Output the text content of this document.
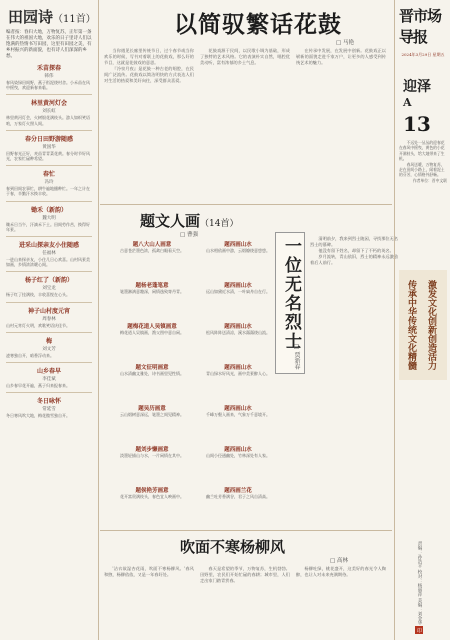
田园诗（11首）
编者按：春归大地，万物复苏，正年第一条在伟大的祖国大地，欢乐的日子里诗人们以饱满的热情书写田园，这里有田园之美，有乡村振兴的新面貌，也有诗人们深深的乡愁。
禾苗探春
韩伟
春风染绿田间野，燕子衔泥绕村舍。小禾苗在风中摇曳，欢迎新春来临。
林里黄河灯会
刘长虹
林里黄河灯会，火树银花满枝头。游人如织笑语喧，万家灯火照人间。
春分日田野游随感
黄国华
田野春光正好，麦苗青青菜花黄。春分时节好风光，农家忙碌种希望。
春忙
冯玲
春到田间农事忙，耕牛遍地播种忙。一年之计在于春，辛勤汗水换丰收。
锄禾（新韵）
魏大明
锄禾日当午，汗滴禾下土。田间劳作苦，换得好年景。
进采山探亲友小住随感
任福林
一进山来探亲友，小住几日心欢喜。山村风景美如画，乡情浓浓暖心间。
杨子红了（新韵）
刘宝龙
杨子红了挂满枝，丰收喜悦在心头。
神子山村度元宵
周春林
山村元宵灯火明，欢歌笑语庆佳节。
梅
刘文芳
凌寒独自开，暗香浮动来。
山乡春早
李佳斌
山乡春早花开遍，燕子归来报春来。
冬日咏怀
常延雪
冬日寒风吹大地，梅花傲雪独自开。
以简驭繁话花鼓
□ 马艳

当你遇见长廊里传统节日，过个春节或当你欢乐的时候，写书对着联上的花鼓戏，那么好的节目，这就是花鼓戏的意思。

『冷泉月夜』是花鼓一种古老的唱腔，在民间广泛流传。花鼓戏以简洁明快的方式表达人们对生活的热爱和美好向往，深受群众喜爱。

花鼓戏源于民间，以民歌小调为基础，形成了独特的艺术风格。它的表演朴实自然，唱腔优美动听，富有浓郁的乡土气息。

在传承中发展，在发展中创新。花鼓戏正以崭新的面貌走进千家万户，让更多的人感受到传统艺术的魅力。

题文人画（14首）
□ 曹强
题八大山人画意
古意苍茫墨色浓，孤禽白眼看天空。
题西画山水
山水相依画中游，云烟缭绕意悠悠。
题杨老蓬笔意
笔墨淋漓意趣深，闲情逸致寄丹青。
题西画山水
远山如黛近水清，一叶扁舟自在行。
题梅花道人吴镇画意
梅花道人吴镇画，渔父图中意自闲。
题西画山水
松风阵阵送清凉，溪水潺潺绕山流。
题文征明画意
山水清幽文雅处，诗书画里见性情。
题西画山水
青山绿水好风光，画中美景醉人心。
题吴历画意
云山烟树意深远，笔墨之间见精神。
题西画山水
千峰万壑入画来，气象万千意境开。
题刘步懒画意
淡墨轻描山与水，一片闲情在其中。
题西画山水
山间小径通幽处，竹林深处有人家。
题侯艳芳画意
花开富贵满枝头，春色宜人映画中。
题西画兰花
幽兰吐芳香满谷，君子之风自清高。
一位无名烈士
□ 贾新春

清明前夕，我来到烈士陵园，寻找那位无名烈士的墓碑。

他没有留下姓名，却留下了不朽的英名。

岁月流转，青山依旧，烈士的精神永远激励着后人前行。

吹面不寒杨柳风
□ 高林

'沾衣欲湿杏花雨，吹面不寒杨柳风。'春风和煦，杨柳依依，又是一年春好处。

春天是希望的季节，万物复苏，生机勃勃。田野里，农民们开始忙碌的春耕；城市里，人们走出家门踏青赏春。

杨柳吐绿，桃花盛开，这美好的春光令人陶醉，也让人对未来充满期待。

晋市场导报
2024年3月29日 星期五
迎泽
A
13

不远处一丛丛的迎春花在春风中摇曳，黄色的小花开满枝头，给大地带来了生机。

春风送暖，万物复苏，走在田间小路上，闻着泥土的芬芳，心情格外舒畅。

作者单位：晋中文联

传承中华传统文化精髓 激发文化创新创造活力
责编：孙浩平 校对：杨丽萍 美编：刘金华 印
